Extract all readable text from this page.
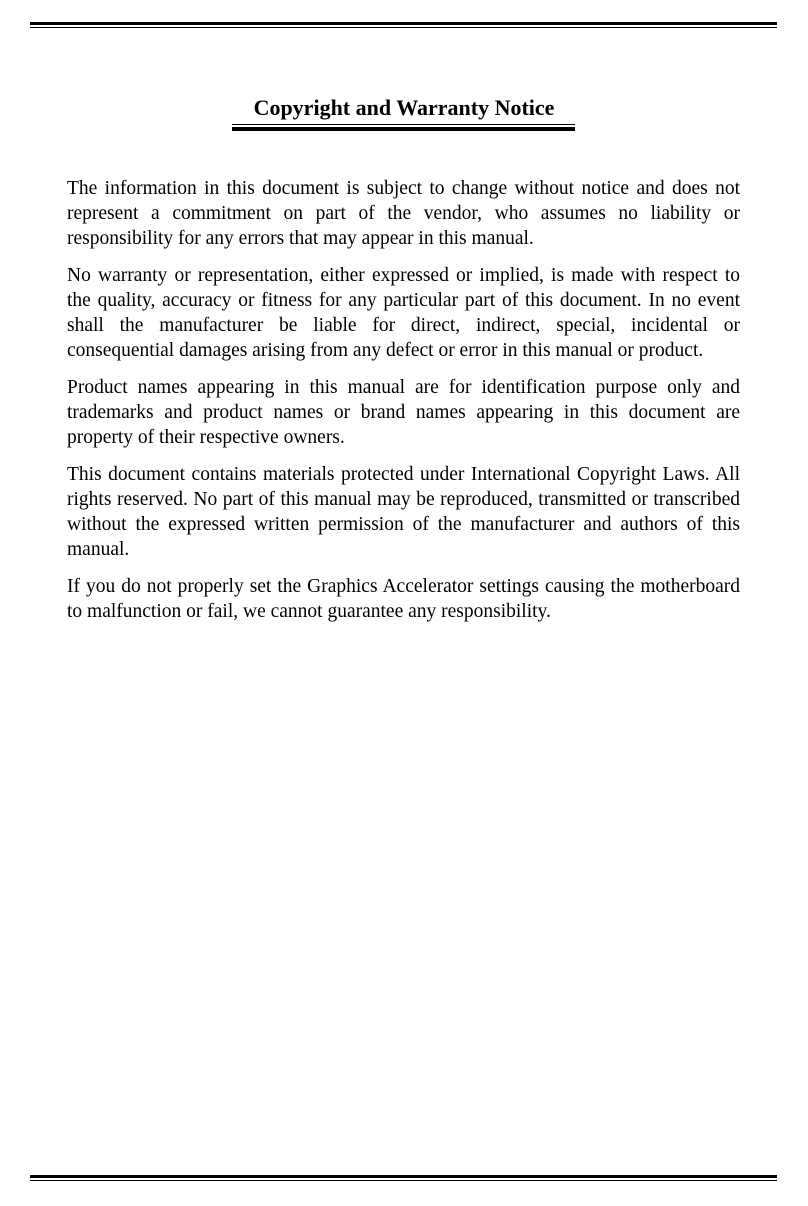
Copyright and Warranty Notice

The information in this document is subject to change without notice and does not represent a commitment on part of the vendor, who assumes no liability or responsibility for any errors that may appear in this manual.

No warranty or representation, either expressed or implied, is made with respect to the quality, accuracy or fitness for any particular part of this document. In no event shall the manufacturer be liable for direct, indirect, special, incidental or consequential damages arising from any defect or error in this manual or product.

Product names appearing in this manual are for identification purpose only and trademarks and product names or brand names appearing in this document are property of their respective owners.

This document contains materials protected under International Copyright Laws. All rights reserved. No part of this manual may be reproduced, transmitted or transcribed without the expressed written permission of the manufacturer and authors of this manual.

If you do not properly set the Graphics Accelerator settings causing the motherboard to malfunction or fail, we cannot guarantee any responsibility.
